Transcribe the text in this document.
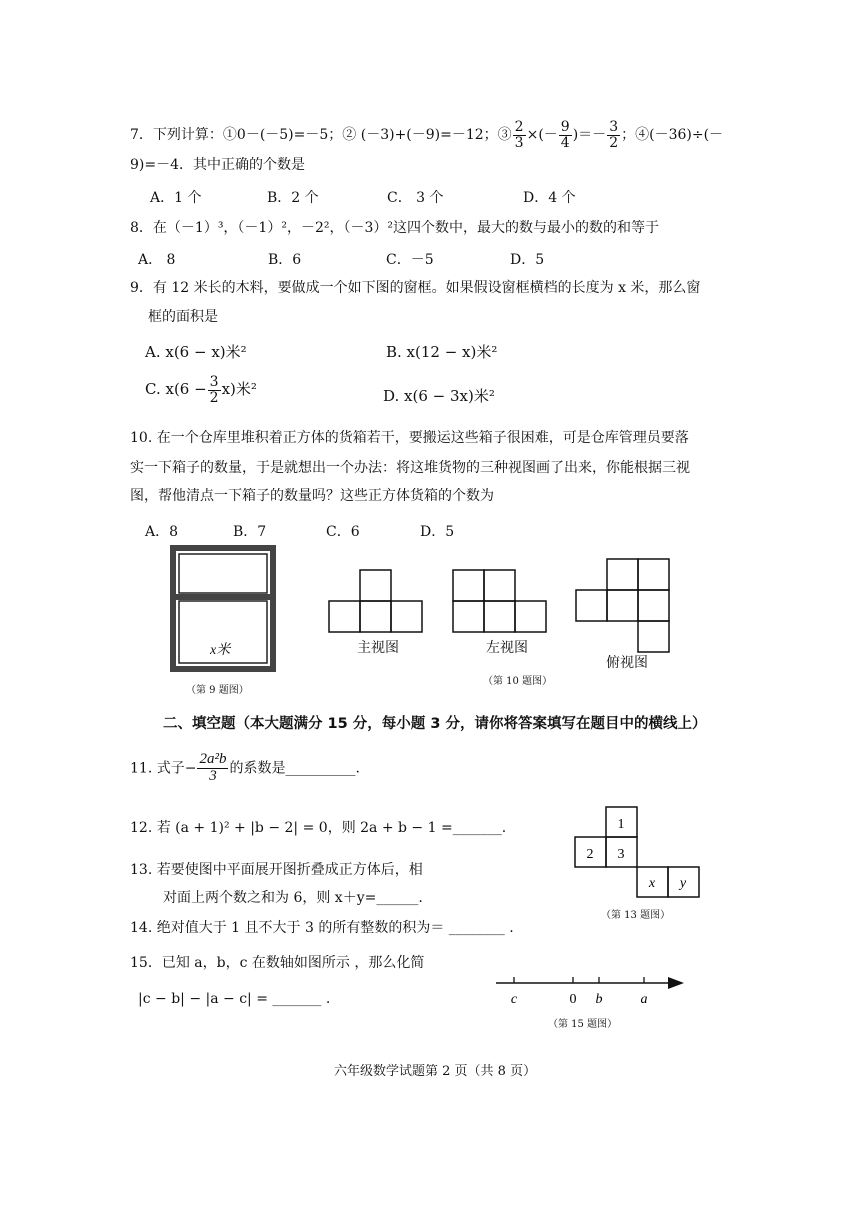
7．下列计算：①0－(－5)=－5；② (－3)+(－9)=－12；③ $\frac{2}{3}$ ×(－ $\frac{9}{4}$ )＝－ $\frac{3}{2}$ ；④(－36)÷(－
9)=－4．其中正确的个数是
A．1 个	B．2 个	C． 3 个	D．4 个
8．在（－1）³，（－1）²，－2²，（－3）²这四个数中，最大的数与最小的数的和等于
A． 8	B．6	C．－5	D．5
9．有 12 米长的木料，要做成一个如下图的窗框。如果假设窗框横档的长度为 x 米，那么窗
框的面积是
A. x(6 − x)米²	B. x(12 − x)米²
C. $x(6 - \frac{3}{2} x)$米²	D. x(6 − 3x)米²
10. 在一个仓库里堆积着正方体的货箱若干，要搬运这些箱子很困难，可是仓库管理员要落
实一下箱子的数量，于是就想出一个办法：将这堆货物的三种视图画了出来，你能根据三视
图，帮他清点一下箱子的数量吗？这些正方体货箱的个数为
A．8	B．7	C．6	D．5
x米
（第 9 题图）
主视图	左视图
俯视图
（第 10 题图）
二、填空题（本大题满分 15 分，每小题 3 分，请你将答案填写在题目中的横线上）
11. 式子− $\frac{\text{2a²b}}{3}$ 的系数是__________.
12. 若 (a + 1)² + |b − 2| = 0，则 2a + b − 1 =_______.
13. 若要使图中平面展开图折叠成正方体后，相
对面上两个数之和为 6，则 x＋y=______.
1
2 3
x y
（第 13 题图）
14. 绝对值大于 1 且不大于 3 的所有整数的积为＝ ________ .
15．已知 a，b，c 在数轴如图所示 ，那么化简
|c − b| − |a − c| = _______ .	c	0 b	a
（第 15 题图）
六年级数学试题第 2 页（共 8 页）
